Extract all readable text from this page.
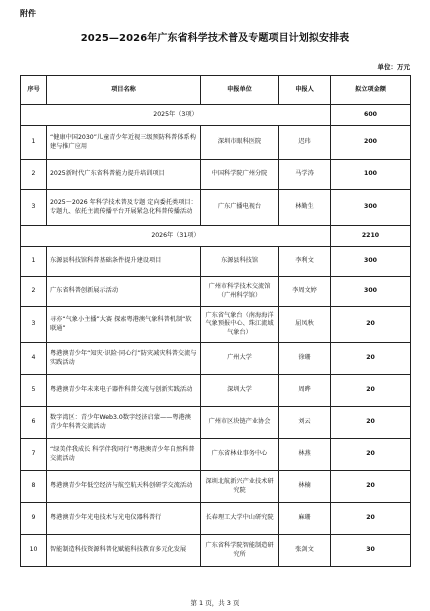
附件
2025—2026年广东省科学技术普及专题项目计划拟安排表
单位：万元
序号	项目名称	申报单位	申报人	拟立项金额
2025年（3项）				600
1	“健康中国2030”儿童青少年近视三级预防科普体系构建与推广应用	深圳市眼科医院	迟玮	200
2	2025新时代广东省科普能力提升培训项目	中国科学院广州分院	马学涛	100
3	2025～2026 年科学技术普及专题 定向委托类项目：专题九、依托主流传播平台开展紧急化科普传播活动	广东广播电视台	林勤生	300
2026年（31项）				2210
1	东源县科技馆科普基础条件提升建设项目	东源县科技馆	李利文	300
2	广东省科普创新展示活动	广州市科学技术交流馆（广州科学馆）	李周文婷	300
3	寻亦“气象小主播”大赛 探索粤港澳气象科普机制“软联通”	广东省气象台（南海海洋气象预报中心、珠江流域气象台）	屈凤秋	20
4	粤港澳青少年“知灾·识险·同心行”防灾减灾科普交流与实践活动	广州大学	徐珊	20
5	粤港澳青少年未来电子器件科普交流与创新实践活动	深圳大学	周晔	20
6	数字湾区：青少年Web3.0数字经济启蒙——粤港澳青少年科普交流活动	广州市区块链产业协会	刘云	20
7	“绿美伴我成长 科学伴我同行”粤港澳青少年自然科普交流活动	广东省林业事务中心	林燕	20
8	粤港澳青少年低空经济与航空航天科创研学交流活动	深圳北航新兴产业技术研究院	林楠	20
9	粤港澳青少年光电技术与光电仪器科普行	长春理工大学中山研究院	麻珊	20
10	智能制造科技资源科普化赋能科技教育多元化发展	广东省科学院智能制造研究所	张剑文	30
第 1 页，共 3 页
